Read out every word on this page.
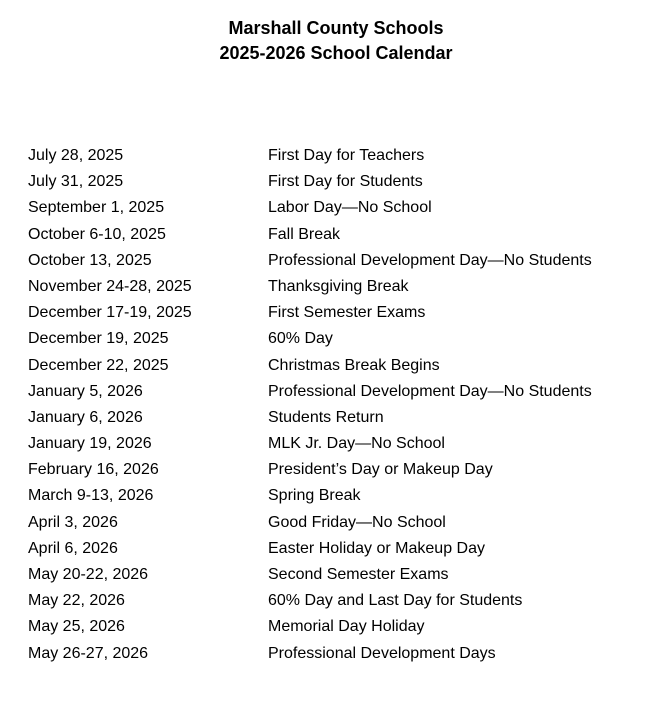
Marshall County Schools

2025-2026 School Calendar

July 28, 2025	First Day for Teachers
July 31, 2025	First Day for Students
September 1, 2025	Labor Day—No School
October 6-10, 2025	Fall Break
October 13, 2025	Professional Development Day—No Students
November 24-28, 2025	Thanksgiving Break
December 17-19, 2025	First Semester Exams
December 19, 2025	60% Day
December 22, 2025	Christmas Break Begins
January 5, 2026	Professional Development Day—No Students
January 6, 2026	Students Return
January 19, 2026	MLK Jr. Day—No School
February 16, 2026	President’s Day or Makeup Day
March 9-13, 2026	Spring Break
April 3, 2026	Good Friday—No School
April 6, 2026	Easter Holiday or Makeup Day
May 20-22, 2026	Second Semester Exams
May 22, 2026	60% Day and Last Day for Students
May 25, 2026	Memorial Day Holiday
May 26-27, 2026	Professional Development Days
